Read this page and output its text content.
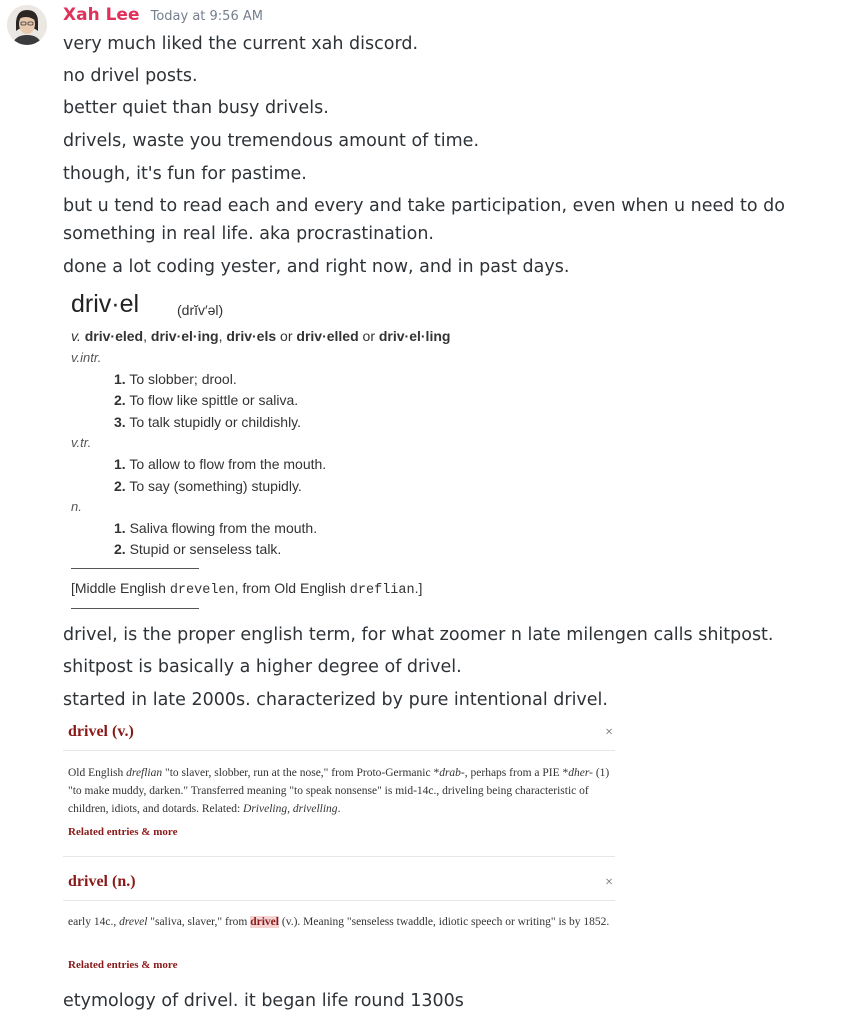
Xah Lee Today at 9:56 AM
very much liked the current xah discord.
no drivel posts.
better quiet than busy drivels.
drivels, waste you tremendous amount of time.
though, it's fun for pastime.
but u tend to read each and every and take participation, even when u need to do something in real life. aka procrastination.
done a lot coding yester, and right now, and in past days.
driv·el	(drĭv′əl)
v. driv·eled, driv·el·ing, driv·els or driv·elled or driv·el·ling
v.intr.
1. To slobber; drool.
2. To flow like spittle or saliva.
3. To talk stupidly or childishly.
v.tr.
1. To allow to flow from the mouth.
2. To say (something) stupidly.
n.
1. Saliva flowing from the mouth.
2. Stupid or senseless talk.
[Middle English drevelen, from Old English dreflian.]
drivel, is the proper english term, for what zoomer n late milengen calls shitpost.
shitpost is basically a higher degree of drivel.
started in late 2000s. characterized by pure intentional drivel.
drivel (v.)	×
Old English dreflian "to slaver, slobber, run at the nose," from Proto-Germanic *drab-, perhaps from a PIE *dher- (1) "to make muddy, darken." Transferred meaning "to speak nonsense" is mid-14c., driveling being characteristic of children, idiots, and dotards. Related: Driveling, drivelling.
Related entries & more
drivel (n.)	×
early 14c., drevel "saliva, slaver," from drivel (v.). Meaning "senseless twaddle, idiotic speech or writing" is by 1852.
Related entries & more
etymology of drivel. it began life round 1300s
